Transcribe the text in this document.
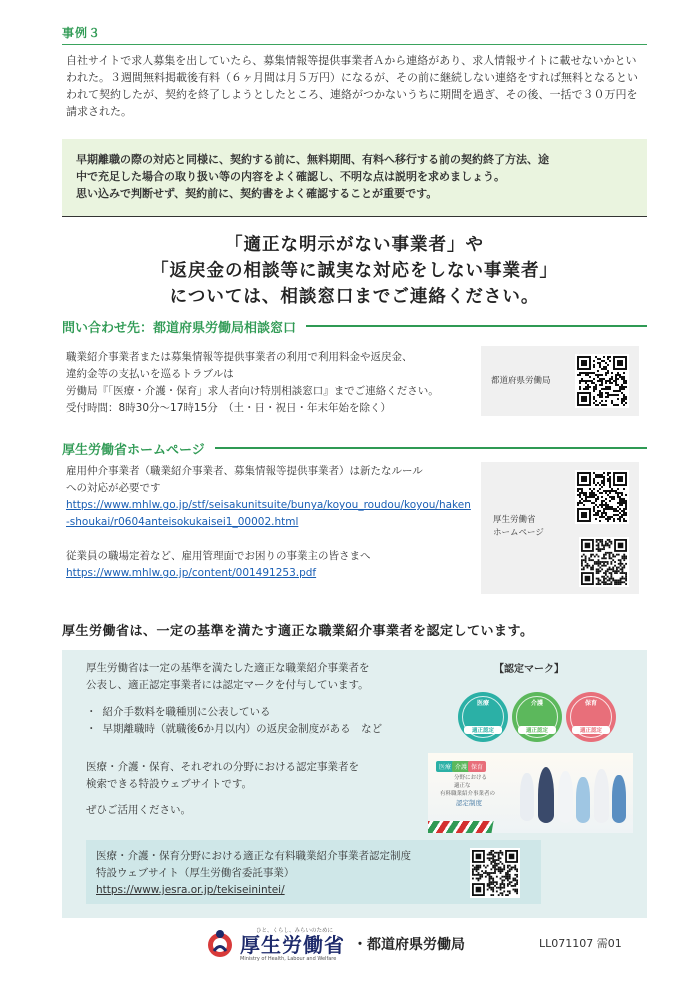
事例３
自社サイトで求人募集を出していたら、募集情報等提供事業者Ａから連絡があり、求人情報サイトに載せないかといわれた。３週間無料掲載後有料（６ヶ月間は月５万円）になるが、その前に継続しない連絡をすれば無料となるといわれて契約したが、契約を終了しようとしたところ、連絡がつかないうちに期間を過ぎ、その後、一括で３０万円を請求された。
早期離職の際の対応と同様に、契約する前に、無料期間、有料へ移行する前の契約終了方法、途
中で充足した場合の取り扱い等の内容をよく確認し、不明な点は説明を求めましょう。
思い込みで判断せず、契約前に、契約書をよく確認することが重要です。
「適正な明示がない事業者」や
「返戻金の相談等に誠実な対応をしない事業者」
については、相談窓口までご連絡ください。
問い合わせ先：都道府県労働局相談窓口
職業紹介事業者または募集情報等提供事業者の利用で利用料金や返戻金、
違約金等の支払いを巡るトラブルは
労働局『「医療・介護・保育」求人者向け特別相談窓口』までご連絡ください。
受付時間：8時30分～17時15分　（土・日・祝日・年末年始を除く）
都道府県労働局
厚生労働省ホームページ
雇用仲介事業者（職業紹介事業者、募集情報等提供事業者）は新たなルール
への対応が必要です
https://www.mhlw.go.jp/stf/seisakunitsuite/bunya/koyou_roudou/koyou/haken-shoukai/r0604anteisokukaisei1_00002.html
従業員の職場定着など、雇用管理面でお困りの事業主の皆さまへ
https://www.mhlw.go.jp/content/001491253.pdf
厚生労働省
ホームページ
厚生労働省は、一定の基準を満たす適正な職業紹介事業者を認定しています。
厚生労働省は一定の基準を満たした適正な職業紹介事業者を
公表し、適正認定事業者には認定マークを付与しています。
・ 紹介手数料を職種別に公表している
・ 早期離職時（就職後6か月以内）の返戻金制度がある　など
医療・介護・保育、それぞれの分野における認定事業者を
検索できる特設ウェブサイトです。
ぜひご活用ください。
【認定マーク】
医療
適正認定
介護
適正認定
保育
適正認定
医療 介護 保育
分野における
適正な
有料職業紹介事業者の
認定制度
医療・介護・保育分野における適正な有料職業紹介事業者認定制度
特設ウェブサイト（厚生労働省委託事業）
https://www.jesra.or.jp/tekiseinintei/
ひと、くらし、みらいのために
厚生労働省
Ministry of Health, Labour and Welfare
・都道府県労働局	LL071107 需01
